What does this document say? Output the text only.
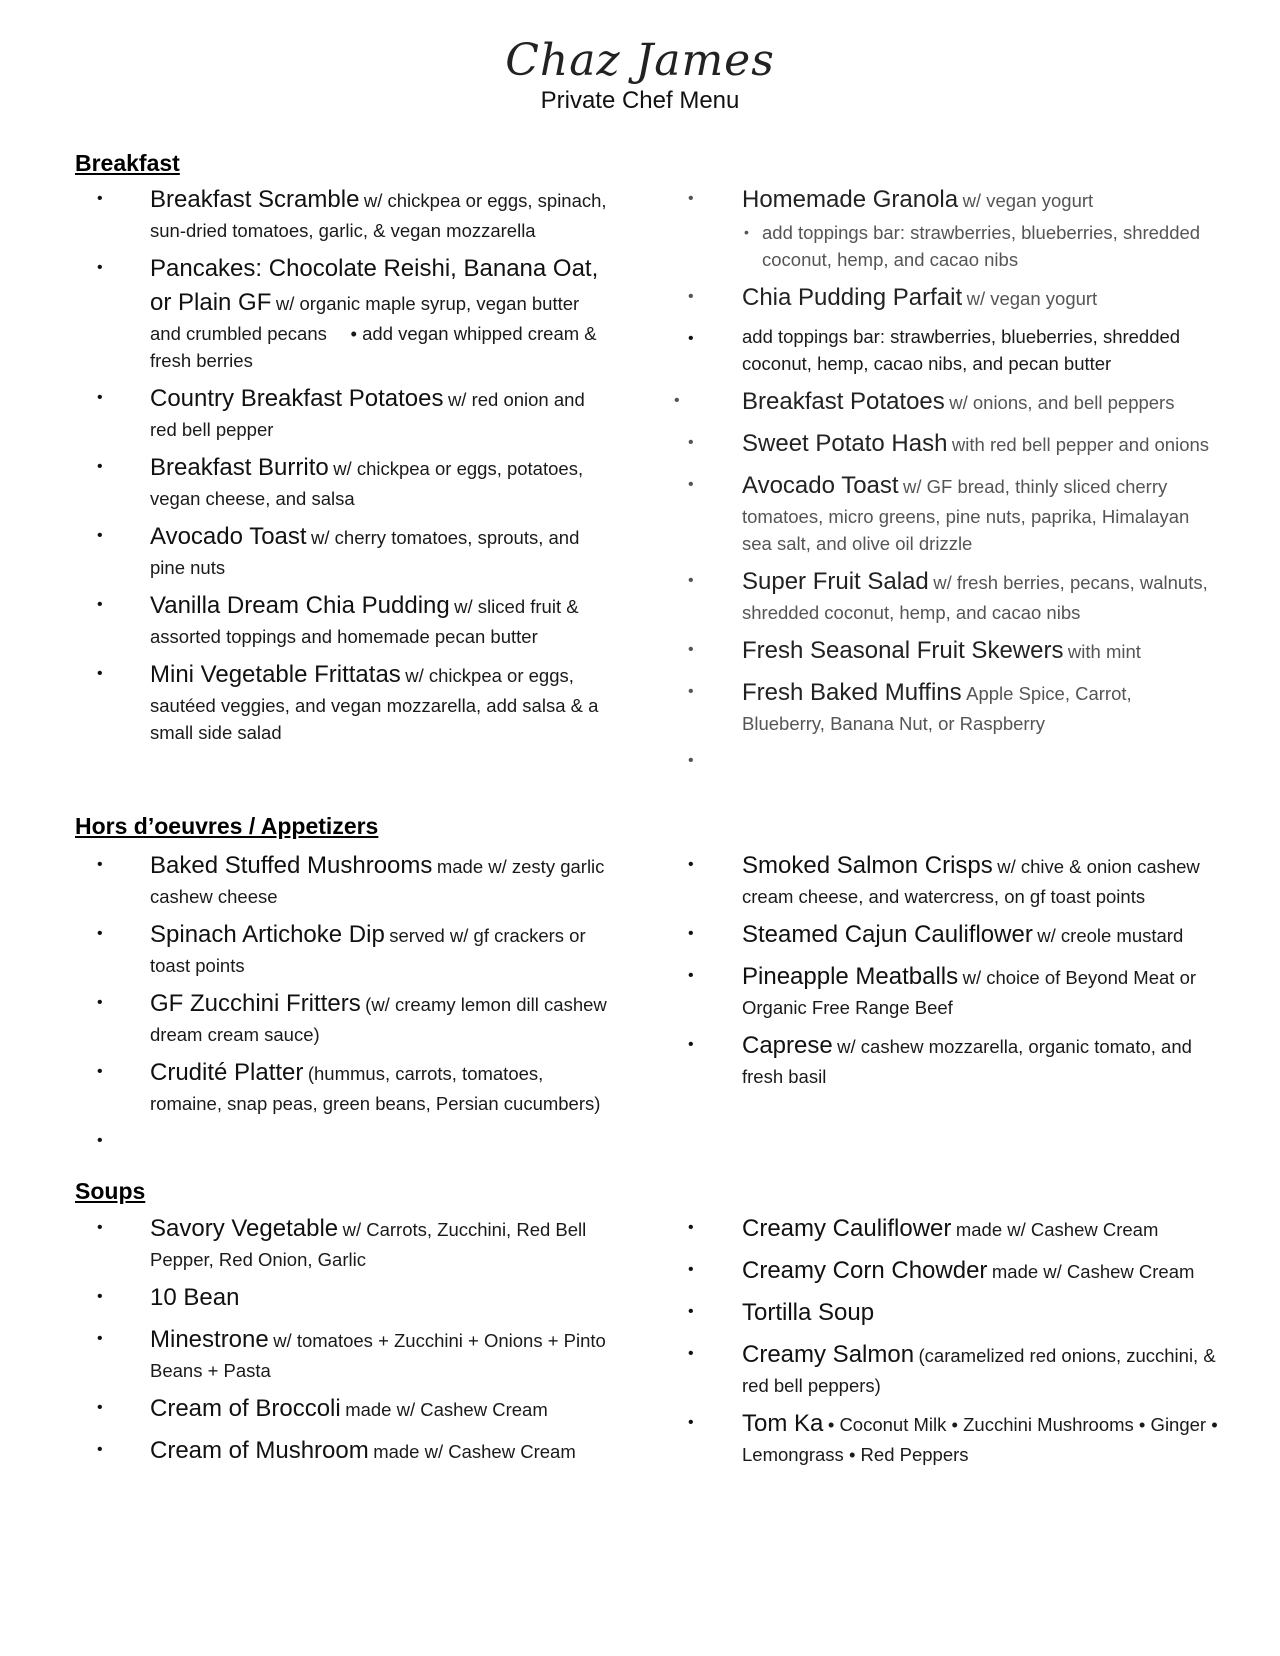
Chaz James
Private Chef Menu
Breakfast
• Breakfast Scramble w/ chickpea or eggs, spinach, sun-dried tomatoes, garlic, & vegan mozzarella
• Pancakes: Chocolate Reishi, Banana Oat, or Plain GF w/ organic maple syrup, vegan butter and crumbled pecans  • add vegan whipped cream & fresh berries
• Country Breakfast Potatoes w/ red onion and red bell pepper
• Breakfast Burrito w/ chickpea or eggs, potatoes, vegan cheese, and salsa
• Avocado Toast w/ cherry tomatoes, sprouts, and pine nuts
• Vanilla Dream Chia Pudding w/ sliced fruit & assorted toppings and homemade pecan butter
• Mini Vegetable Frittatas w/ chickpea or eggs, sautéed veggies, and vegan mozzarella, add salsa & a small side salad
• Homemade Granola w/ vegan yogurt
• add toppings bar: strawberries, blueberries, shredded coconut, hemp, and cacao nibs
• Chia Pudding Parfait w/ vegan yogurt
•	add toppings bar: strawberries, blueberries, shredded coconut, hemp, cacao nibs, and pecan butter
•	Breakfast Potatoes w/ onions, and bell peppers
• Sweet Potato Hash with red bell pepper and onions
• Avocado Toast w/ GF bread, thinly sliced cherry tomatoes, micro greens, pine nuts, paprika, Himalayan sea salt, and olive oil drizzle
• Super Fruit Salad w/ fresh berries, pecans, walnuts, shredded coconut, hemp, and cacao nibs
• Fresh Seasonal Fruit Skewers with mint
• Fresh Baked Muffins Apple Spice, Carrot, Blueberry, Banana Nut, or Raspberry
•
Hors d’oeuvres / Appetizers
• Baked Stuffed Mushrooms made w/ zesty garlic cashew cheese
• Spinach Artichoke Dip served w/ gf crackers or toast points
• GF Zucchini Fritters (w/ creamy lemon dill cashew dream cream sauce)
• Crudité Platter (hummus, carrots, tomatoes, romaine, snap peas, green beans, Persian cucumbers)
•
• Smoked Salmon Crisps w/ chive & onion cashew cream cheese, and watercress, on gf toast points
• Steamed Cajun Cauliflower w/ creole mustard
• Pineapple Meatballs w/ choice of Beyond Meat or Organic Free Range Beef
• Caprese w/ cashew mozzarella, organic tomato, and fresh basil
Soups
• Savory Vegetable w/ Carrots, Zucchini, Red Bell Pepper, Red Onion, Garlic
• 10 Bean
• Minestrone w/ tomatoes + Zucchini + Onions + Pinto Beans + Pasta
• Cream of Broccoli made w/ Cashew Cream
• Cream of Mushroom made w/ Cashew Cream
• Creamy Cauliflower made w/ Cashew Cream
• Creamy Corn Chowder made w/ Cashew Cream
• Tortilla Soup
• Creamy Salmon (caramelized red onions, zucchini, & red bell peppers)
• Tom Ka • Coconut Milk • Zucchini Mushrooms • Ginger • Lemongrass • Red Peppers
